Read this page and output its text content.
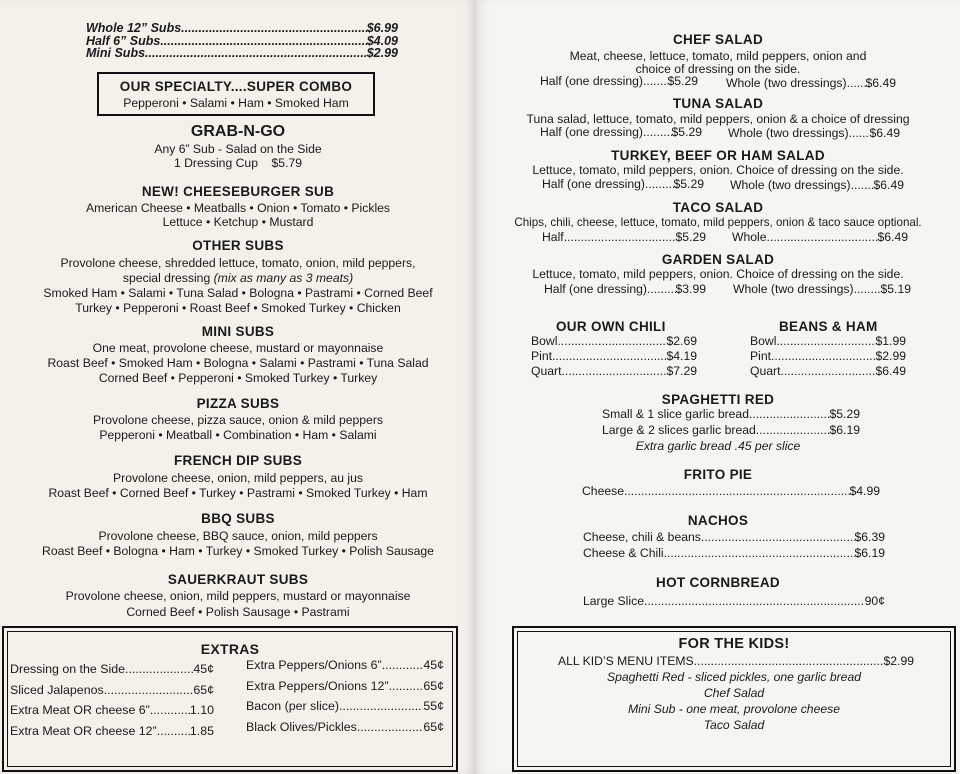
Whole 12” Subs .....	$6.99
Half 6” Subs .....	$4.09
Mini Subs .....	$2.99
OUR SPECIALTY....SUPER COMBO
Pepperoni • Salami • Ham • Smoked Ham
GRAB-N-GO
Any 6” Sub - Salad on the Side
1 Dressing Cup $5.79
NEW! CHEESEBURGER SUB
American Cheese • Meatballs • Onion • Tomato • Pickles
Lettuce • Ketchup • Mustard
OTHER SUBS
Provolone cheese, shredded lettuce, tomato, onion, mild peppers,
special dressing (mix as many as 3 meats)
Smoked Ham • Salami • Tuna Salad • Bologna • Pastrami • Corned Beef
Turkey • Pepperoni • Roast Beef • Smoked Turkey • Chicken
MINI SUBS
One meat, provolone cheese, mustard or mayonnaise
Roast Beef • Smoked Ham • Bologna • Salami • Pastrami • Tuna Salad
Corned Beef • Pepperoni • Smoked Turkey • Turkey
PIZZA SUBS
Provolone cheese, pizza sauce, onion & mild peppers
Pepperoni • Meatball • Combination • Ham • Salami
FRENCH DIP SUBS
Provolone cheese, onion, mild peppers, au jus
Roast Beef • Corned Beef • Turkey • Pastrami • Smoked Turkey • Ham
BBQ SUBS
Provolone cheese, BBQ sauce, onion, mild peppers
Roast Beef • Bologna • Ham • Turkey • Smoked Turkey • Polish Sausage
SAUERKRAUT SUBS
Provolone cheese, onion, mild peppers, mustard or mayonnaise
Corned Beef • Polish Sausage • Pastrami
EXTRAS
Dressing on the Side .....	45¢
Sliced Jalapenos .....	65¢
Extra Meat OR cheese 6” .....	1.10
Extra Meat OR cheese 12” .....	1.85
Extra Peppers/Onions 6” .....	45¢
Extra Peppers/Onions 12” .....	65¢
Bacon (per slice) .....	55¢
Black Olives/Pickles .....	65¢
CHEF SALAD
Meat, cheese, lettuce, tomato, mild peppers, onion and
choice of dressing on the side.
Half (one dressing) ..... $5.29 Whole (two dressings) ..... $6.49
TUNA SALAD
Tuna salad, lettuce, tomato, mild peppers, onion & a choice of dressing
Half (one dressing) ..... $5.29 Whole (two dressings) ..... $6.49
TURKEY, BEEF OR HAM SALAD
Lettuce, tomato, mild peppers, onion. Choice of dressing on the side.
Half (one dressing) ..... $5.29 Whole (two dressings) ..... $6.49
TACO SALAD
Chips, chili, cheese, lettuce, tomato, mild peppers, onion & taco sauce optional.
Half .....	$5.29 Whole .....	$6.49
GARDEN SALAD
Lettuce, tomato, mild peppers, onion. Choice of dressing on the side.
Half (one dressing) ..... $3.99 Whole (two dressings) ..... $5.19
OUR OWN CHILI
Bowl .....	$2.69
Pint .....	$4.19
Quart .....	$7.29
BEANS & HAM
Bowl .....	$1.99
Pint .....	$2.99
Quart .....	$6.49
SPAGHETTI RED
Small & 1 slice garlic bread .....	$5.29
Large & 2 slices garlic bread .....	$6.19
Extra garlic bread .45 per slice
FRITO PIE
Cheese .....	$4.99
NACHOS
Cheese, chili & beans .....	$6.39
Cheese & Chili .....	$6.19
HOT CORNBREAD
Large Slice .....	90¢
FOR THE KIDS!
ALL KID’S MENU ITEMS .....	$2.99
Spaghetti Red - sliced pickles, one garlic bread
Chef Salad
Mini Sub - one meat, provolone cheese
Taco Salad
